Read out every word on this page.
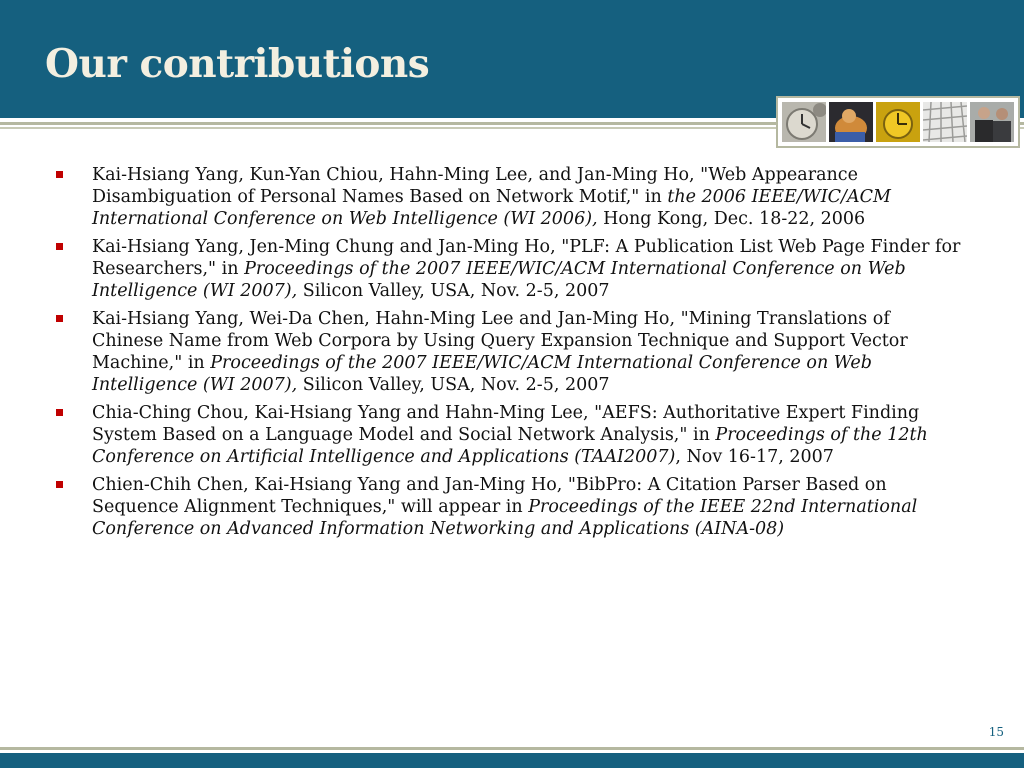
Our contributions
Kai-Hsiang Yang, Kun-Yan Chiou, Hahn-Ming Lee, and Jan-Ming Ho, "Web Appearance Disambiguation of Personal Names Based on Network Motif," in the 2006 IEEE/WIC/ACM International Conference on Web Intelligence (WI 2006), Hong Kong, Dec. 18-22, 2006
Kai-Hsiang Yang, Jen-Ming Chung and Jan-Ming Ho, "PLF: A Publication List Web Page Finder for Researchers," in Proceedings of the 2007 IEEE/WIC/ACM International Conference on Web Intelligence (WI 2007), Silicon Valley, USA, Nov. 2-5, 2007
Kai-Hsiang Yang, Wei-Da Chen, Hahn-Ming Lee and Jan-Ming Ho, "Mining Translations of Chinese Name from Web Corpora by Using Query Expansion Technique and Support Vector Machine," in Proceedings of the 2007 IEEE/WIC/ACM International Conference on Web Intelligence (WI 2007), Silicon Valley, USA, Nov. 2-5, 2007
Chia-Ching Chou, Kai-Hsiang Yang and Hahn-Ming Lee, "AEFS: Authoritative Expert Finding System Based on a Language Model and Social Network Analysis," in Proceedings of the 12th Conference on Artificial Intelligence and Applications (TAAI2007), Nov 16-17, 2007
Chien-Chih Chen, Kai-Hsiang Yang and Jan-Ming Ho, "BibPro: A Citation Parser Based on Sequence Alignment Techniques," will appear in Proceedings of the IEEE 22nd International Conference on Advanced Information Networking and Applications (AINA-08)
15
